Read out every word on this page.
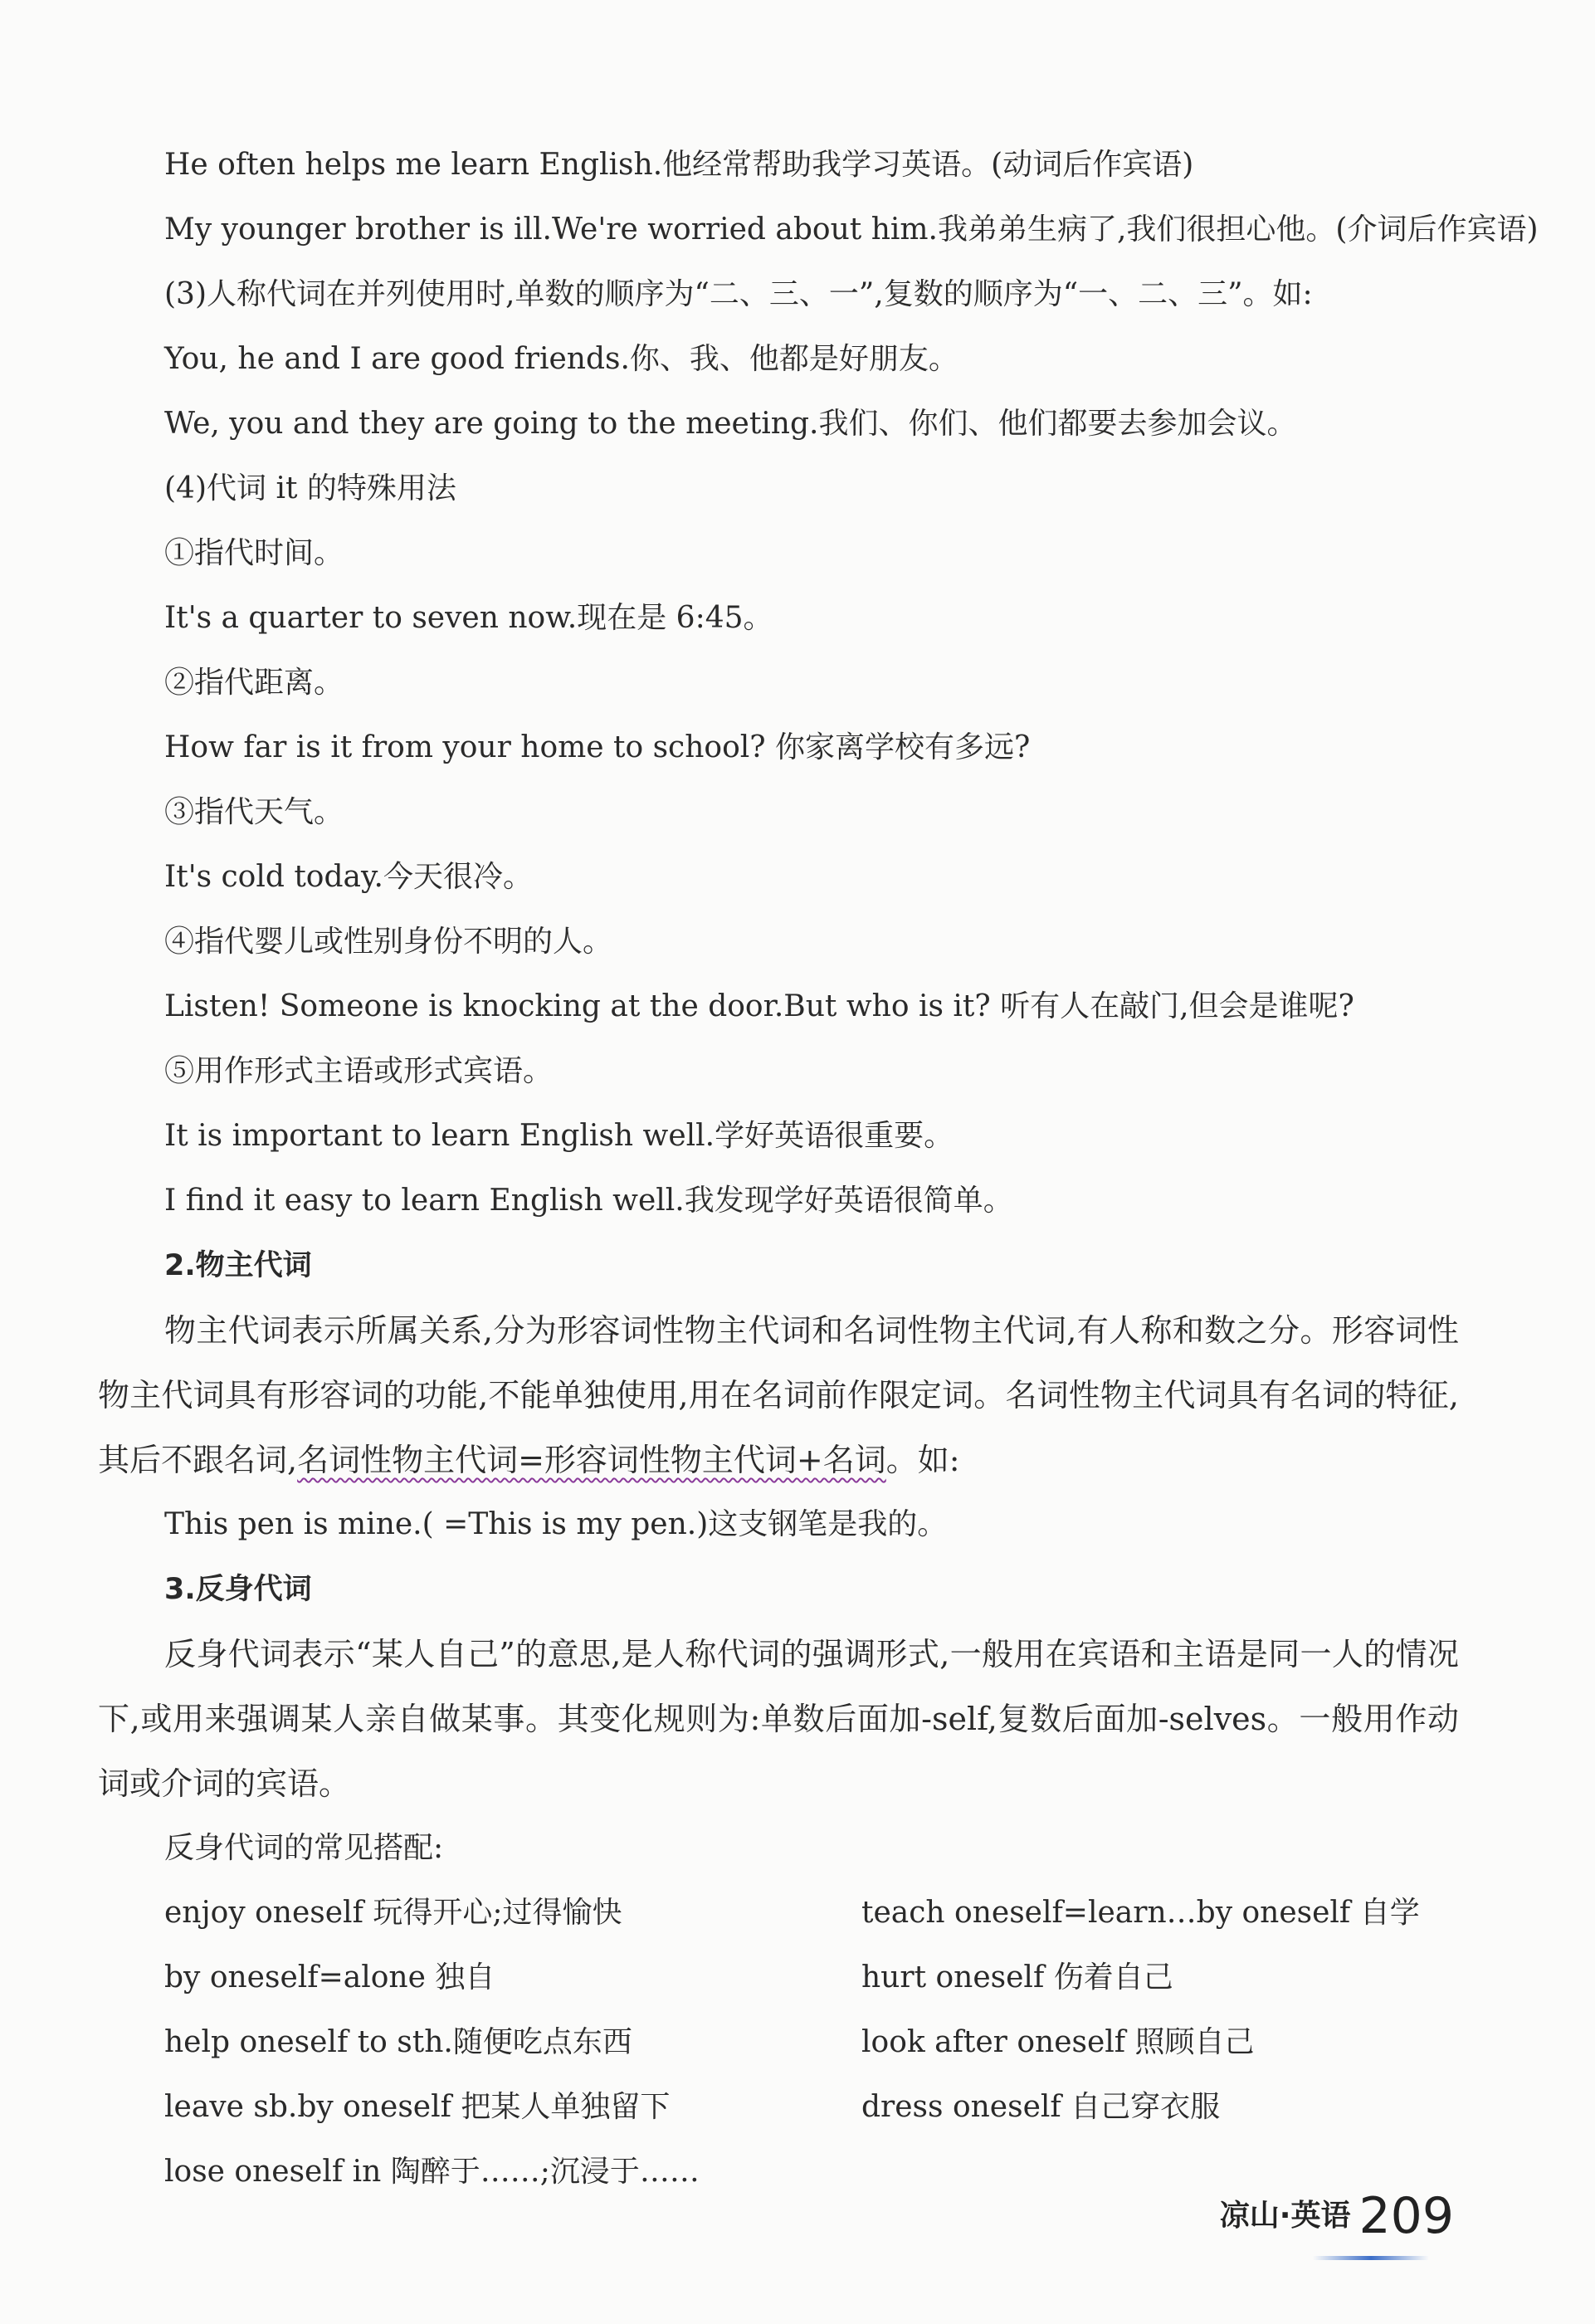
He often helps me learn English.他经常帮助我学习英语。(动词后作宾语)
My younger brother is ill.We're worried about him.我弟弟生病了,我们很担心他。(介词后作宾语)
(3)人称代词在并列使用时,单数的顺序为“二、三、一”,复数的顺序为“一、二、三”。如:
You, he and I are good friends.你、我、他都是好朋友。
We, you and they are going to the meeting.我们、你们、他们都要去参加会议。
(4)代词 it 的特殊用法
①指代时间。
It's a quarter to seven now.现在是 6:45。
②指代距离。
How far is it from your home to school? 你家离学校有多远?
③指代天气。
It's cold today.今天很冷。
④指代婴儿或性别身份不明的人。
Listen! Someone is knocking at the door.But who is it? 听有人在敲门,但会是谁呢?
⑤用作形式主语或形式宾语。
It is important to learn English well.学好英语很重要。
I find it easy to learn English well.我发现学好英语很简单。
2.物主代词
物主代词表示所属关系,分为形容词性物主代词和名词性物主代词,有人称和数之分。形容词性物主代词具有形容词的功能,不能单独使用,用在名词前作限定词。名词性物主代词具有名词的特征,其后不跟名词,名词性物主代词=形容词性物主代词+名词。如:
This pen is mine.( =This is my pen.)这支钢笔是我的。
3.反身代词
反身代词表示“某人自己”的意思,是人称代词的强调形式,一般用在宾语和主语是同一人的情况下,或用来强调某人亲自做某事。其变化规则为:单数后面加-self,复数后面加-selves。一般用作动词或介词的宾语。
反身代词的常见搭配:
enjoy oneself 玩得开心;过得愉快	teach oneself=learn…by oneself 自学
by oneself=alone 独自	hurt oneself 伤着自己
help oneself to sth.随便吃点东西	look after oneself 照顾自己
leave sb.by oneself 把某人单独留下	dress oneself 自己穿衣服
lose oneself in 陶醉于……;沉浸于……
凉山·英语 209
